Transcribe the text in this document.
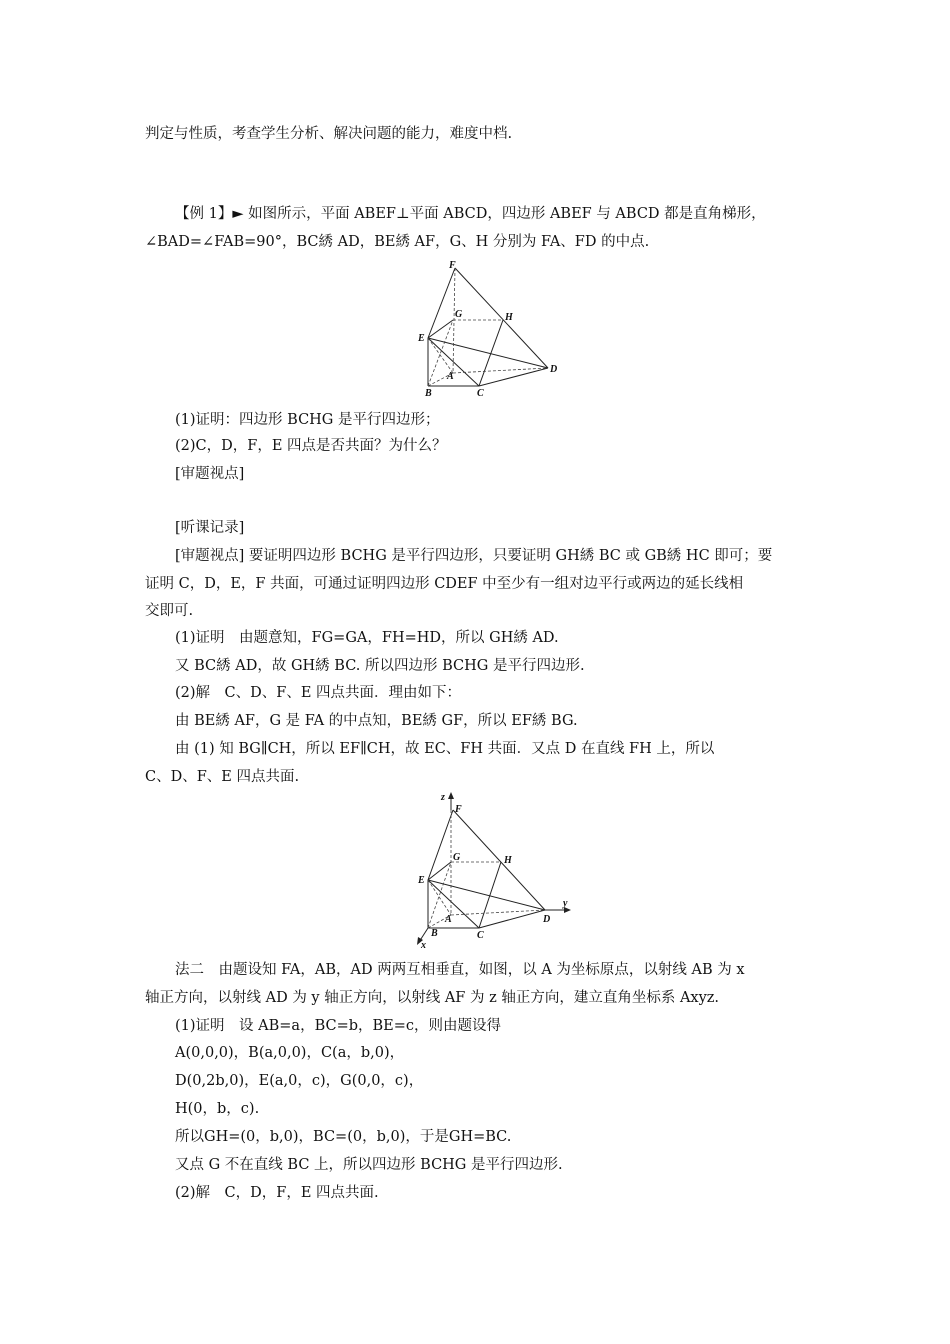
判定与性质，考查学生分析、解决问题的能力，难度中档.
【例 1】► 如图所示，平面 ABEF⊥平面 ABCD，四边形 ABEF 与 ABCD 都是直角梯形，
∠BAD=∠FAB=90°，BC綉 AD，BE綉 AF，G、H 分别为 FA、FD 的中点.
F
G	H
E
A
B	C
D
(1)证明：四边形 BCHG 是平行四边形；
(2)C，D，F，E 四点是否共面？为什么？
[审题视点]
[听课记录]
[审题视点] 要证明四边形 BCHG 是平行四边形，只要证明 GH綉 BC 或 GB綉 HC 即可；要
证明 C，D，E，F 共面，可通过证明四边形 CDEF 中至少有一组对边平行或两边的延长线相
交即可.
(1)证明　由题意知，FG=GA，FH=HD，所以 GH綉 AD.
又 BC綉 AD，故 GH綉 BC. 所以四边形 BCHG 是平行四边形.
(2)解　C、D、F、E 四点共面．理由如下：
由 BE綉 AF，G 是 FA 的中点知，BE綉 GF，所以 EF綉 BG.
由 (1) 知 BG∥CH，所以 EF∥CH，故 EC、FH 共面．又点 D 在直线 FH 上，所以
C、D、F、E 四点共面.
z
F
G	H
E
A
B	C
D
y
x
法二　由题设知 FA，AB，AD 两两互相垂直，如图，以 A 为坐标原点，以射线 AB 为 x
轴正方向，以射线 AD 为 y 轴正方向，以射线 AF 为 z 轴正方向，建立直角坐标系 Axyz.
(1)证明　设 AB=a，BC=b，BE=c，则由题设得
A(0,0,0)，B(a,0,0)，C(a，b,0)，
D(0,2b,0)，E(a,0，c)，G(0,0，c)，
H(0，b，c).
所以GH=(0，b,0)，BC=(0，b,0)，于是GH=BC.
又点 G 不在直线 BC 上，所以四边形 BCHG 是平行四边形.
(2)解　C，D，F，E 四点共面.
